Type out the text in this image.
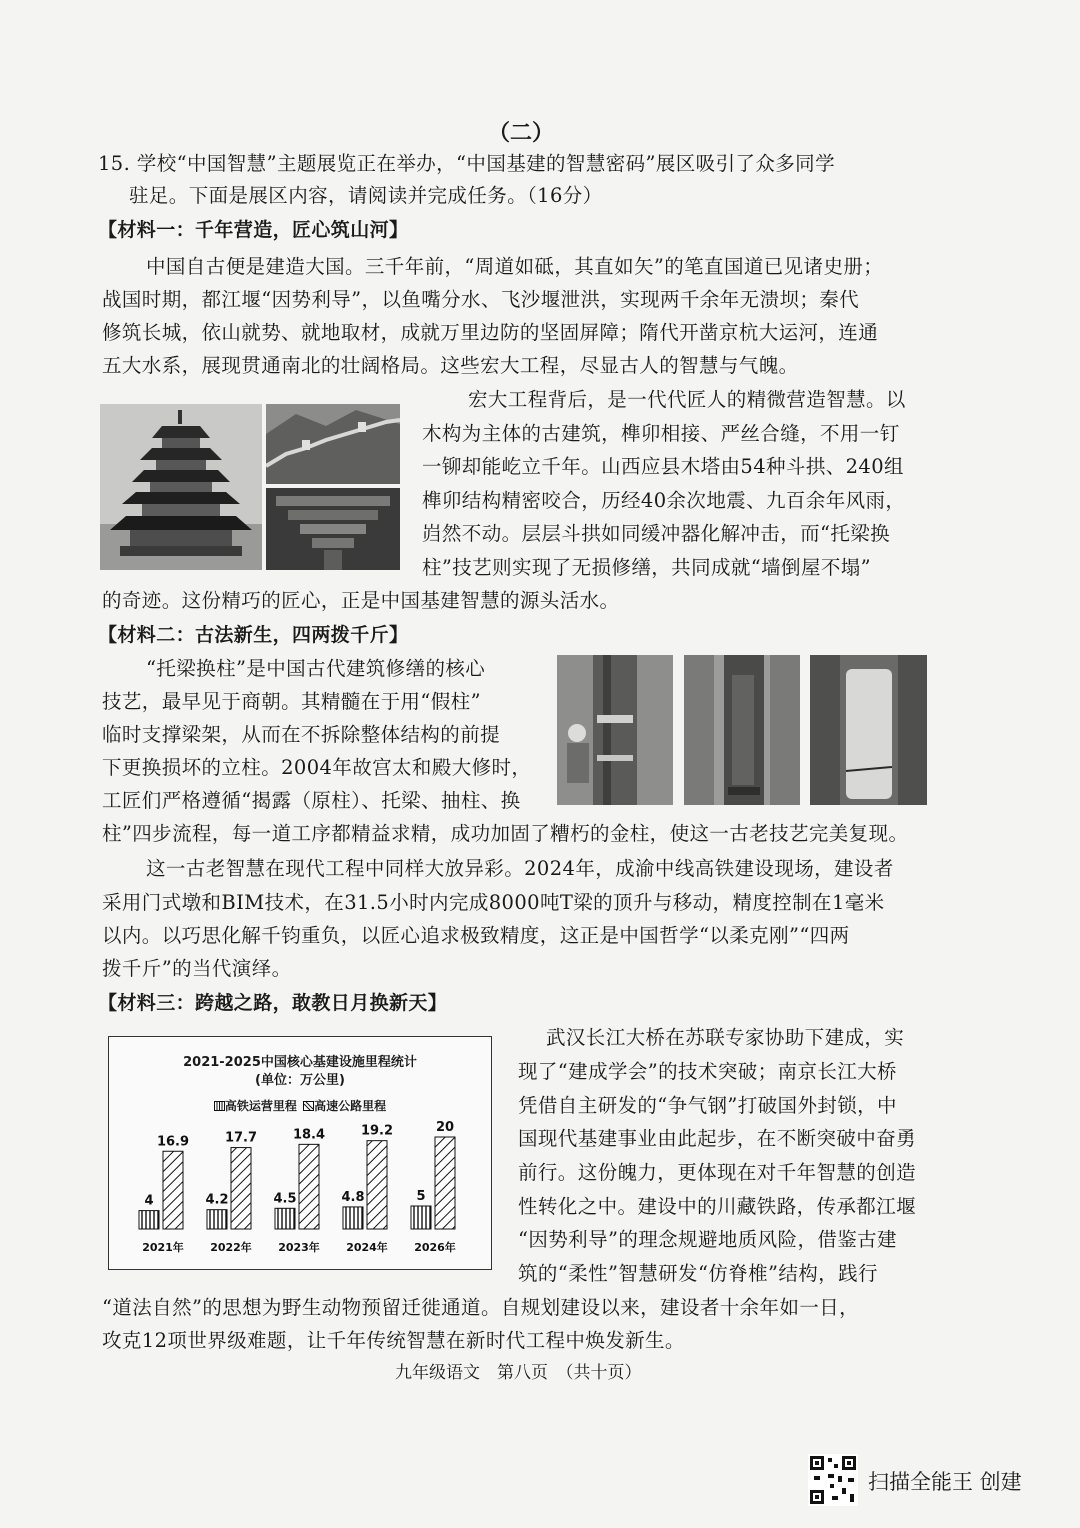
（二）
15. 学校“中国智慧”主题展览正在举办，“中国基建的智慧密码”展区吸引了众多同学
驻足。下面是展区内容，请阅读并完成任务。（16分）
【材料一：千年营造，匠心筑山河】
中国自古便是建造大国。三千年前，“周道如砥，其直如矢”的笔直国道已见诸史册；
战国时期，都江堰“因势利导”，以鱼嘴分水、飞沙堰泄洪，实现两千余年无溃坝；秦代
修筑长城，依山就势、就地取材，成就万里边防的坚固屏障；隋代开凿京杭大运河，连通
五大水系，展现贯通南北的壮阔格局。这些宏大工程，尽显古人的智慧与气魄。
宏大工程背后，是一代代匠人的精微营造智慧。以
木构为主体的古建筑，榫卯相接、严丝合缝，不用一钉
一铆却能屹立千年。山西应县木塔由54种斗拱、240组
榫卯结构精密咬合，历经40余次地震、九百余年风雨，
岿然不动。层层斗拱如同缓冲器化解冲击，而“托梁换
柱”技艺则实现了无损修缮，共同成就“墙倒屋不塌”
的奇迹。这份精巧的匠心，正是中国基建智慧的源头活水。
【材料二：古法新生，四两拨千斤】
“托梁换柱”是中国古代建筑修缮的核心
技艺，最早见于商朝。其精髓在于用“假柱”
临时支撑梁架，从而在不拆除整体结构的前提
下更换损坏的立柱。2004年故宫太和殿大修时，
工匠们严格遵循“揭露（原柱）、托梁、抽柱、换
柱”四步流程，每一道工序都精益求精，成功加固了糟朽的金柱，使这一古老技艺完美复现。
这一古老智慧在现代工程中同样大放异彩。2024年，成渝中线高铁建设现场，建设者
采用门式墩和BIM技术，在31.5小时内完成8000吨T梁的顶升与移动，精度控制在1毫米
以内。以巧思化解千钧重负，以匠心追求极致精度，这正是中国哲学“以柔克刚”“四两
拨千斤”的当代演绎。
【材料三：跨越之路，敢教日月换新天】
武汉长江大桥在苏联专家协助下建成，实
现了“建成学会”的技术突破；南京长江大桥
凭借自主研发的“争气钢”打破国外封锁，中
国现代基建事业由此起步，在不断突破中奋勇
前行。这份魄力，更体现在对千年智慧的创造
性转化之中。建设中的川藏铁路，传承都江堰
“因势利导”的理念规避地质风险，借鉴古建
筑的“柔性”智慧研发“仿脊椎”结构，践行
“道法自然”的思想为野生动物预留迁徙通道。自规划建设以来，建设者十余年如一日，
攻克12项世界级难题，让千年传统智慧在新时代工程中焕发新生。
2021-2025中国核心基建设施里程统计
(单位：万公里)
高铁运营里程 高速公路里程
4
16.9
2021年
4.2
17.7
2022年
4.5
18.4
2023年
4.8
19.2
2024年
5
20
2026年
九年级语文　第八页　（共十页）
扫描全能王 创建
